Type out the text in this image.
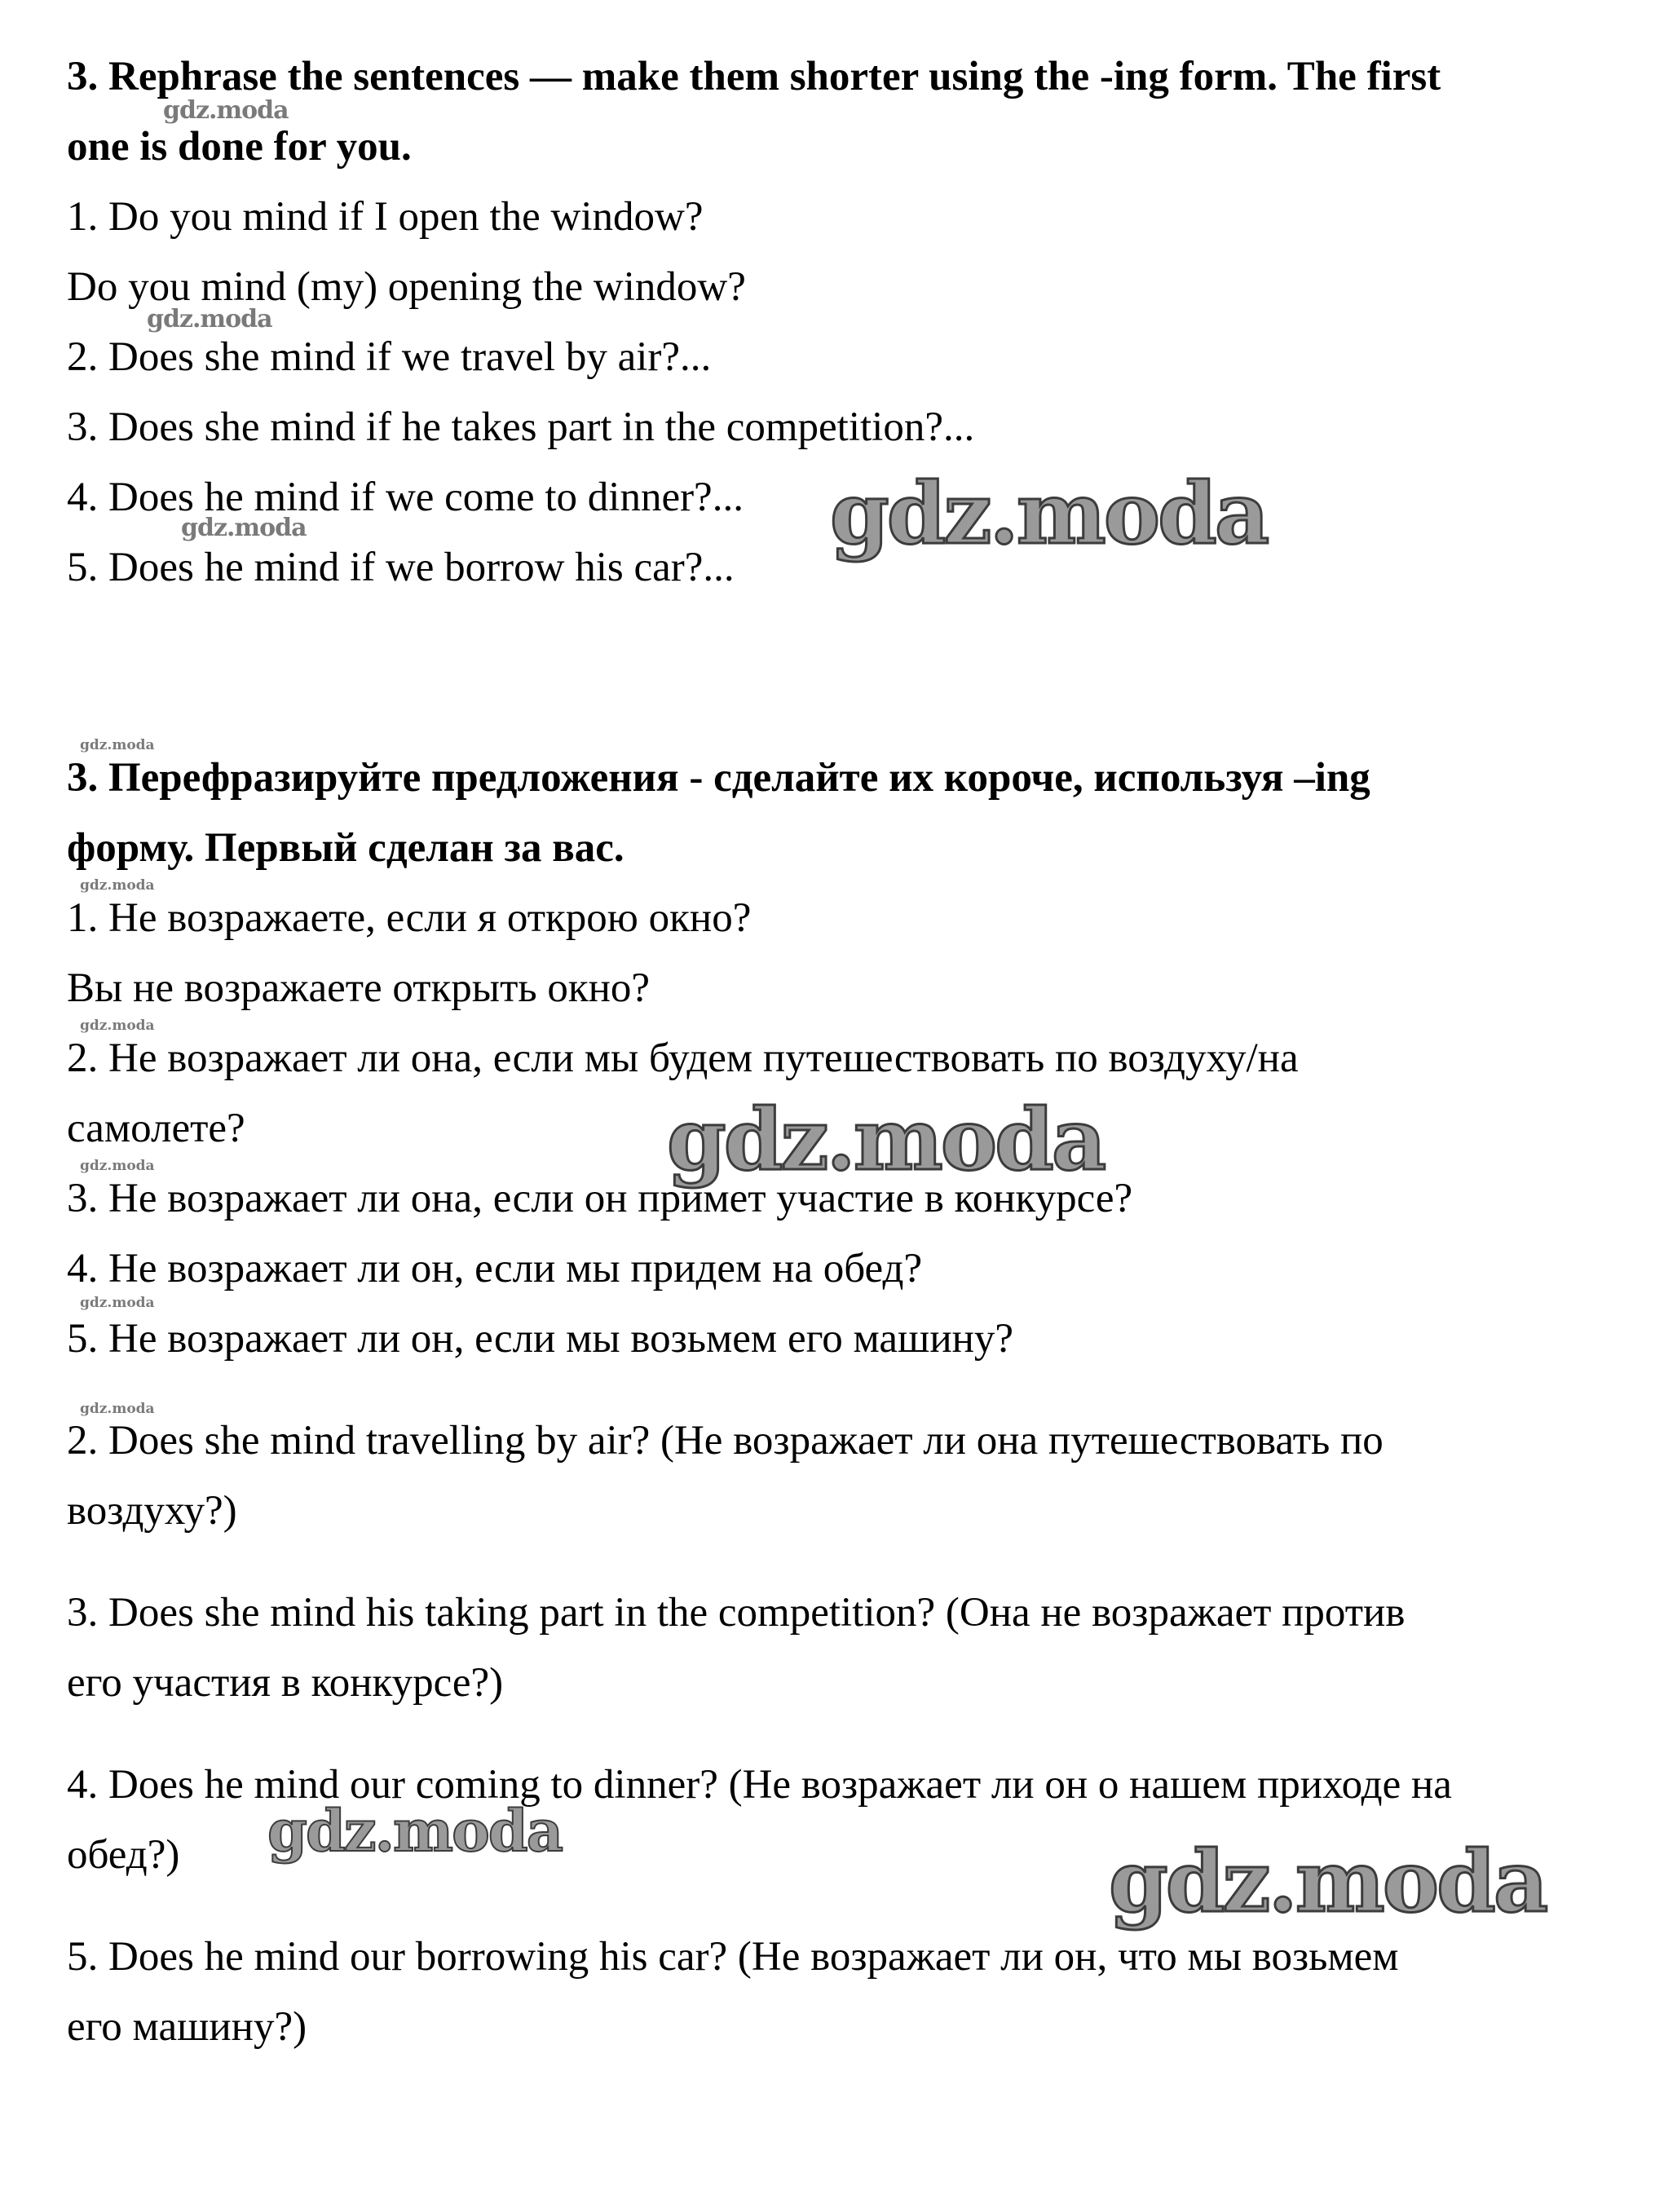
3. Rephrase the sentences — make them shorter using the -ing form. The first
one is done for you.
1. Do you mind if I open the window?
Do you mind (my) opening the window?
2. Does she mind if we travel by air?...
3. Does she mind if he takes part in the competition?...
4. Does he mind if we come to dinner?...
5. Does he mind if we borrow his car?...
3. Перефразируйте предложения - сделайте их короче, используя –ing
форму. Первый сделан за вас.
1. Не возражаете, если я открою окно?
Вы не возражаете открыть окно?
2. Не возражает ли она, если мы будем путешествовать по воздуху/на
самолете?
3. Не возражает ли она, если он примет участие в конкурсе?
4. Не возражает ли он, если мы придем на обед?
5. Не возражает ли он, если мы возьмем его машину?
2. Does she mind travelling by air? (Не возражает ли она путешествовать по
воздуху?)
3. Does she mind his taking part in the competition? (Она не возражает против
его участия в конкурсе?)
4. Does he mind our coming to dinner? (Не возражает ли он о нашем приходе на
обед?)
5. Does he mind our borrowing his car? (Не возражает ли он, что мы возьмем
его машину?)
gdz.moda
gdz.moda
gdz.moda	gdz.moda
gdz.moda
gdz.moda
gdz.moda
gdz.moda
gdz.moda
gdz.moda
gdz.moda
gdz.moda
gdz.moda
